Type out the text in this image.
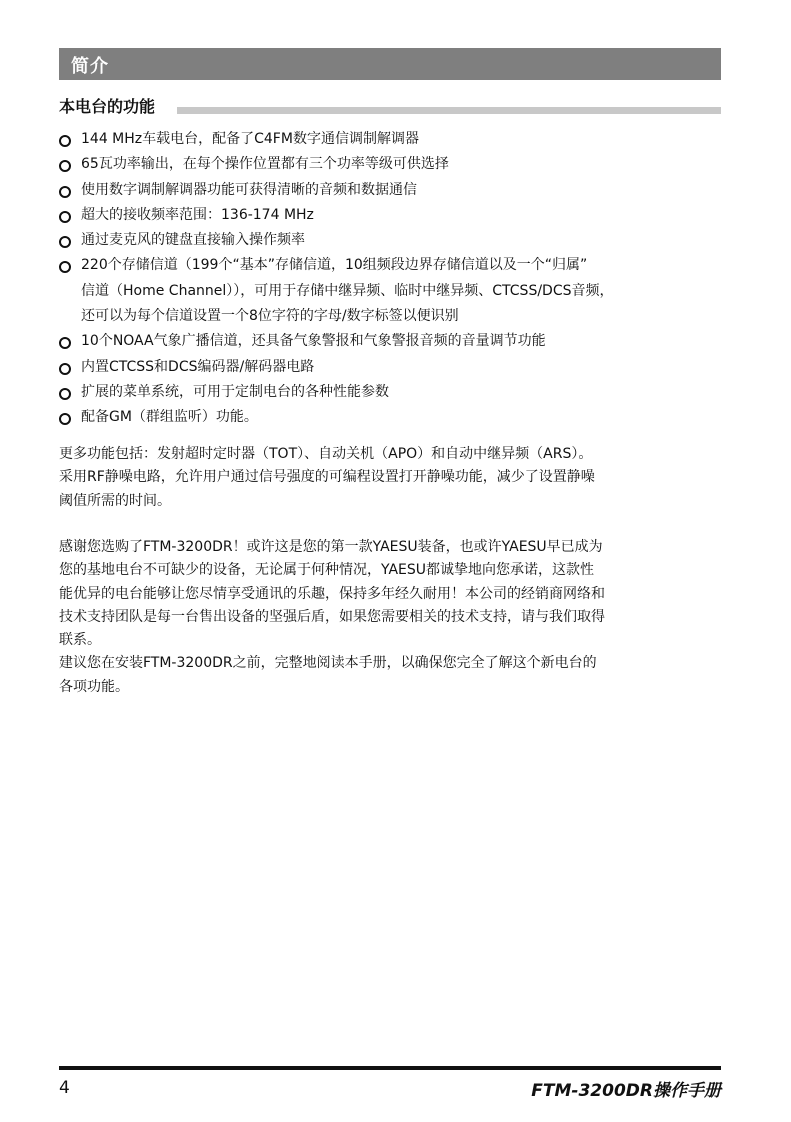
简介
本电台的功能
144 MHz车载电台，配备了C4FM数字通信调制解调器
65瓦功率输出，在每个操作位置都有三个功率等级可供选择
使用数字调制解调器功能可获得清晰的音频和数据通信
超大的接收频率范围：136-174 MHz
通过麦克风的键盘直接输入操作频率
220个存储信道（199个“基本”存储信道，10组频段边界存储信道以及一个“归属”
信道（Home Channel）），可用于存储中继异频、临时中继异频、CTCSS/DCS音频，
还可以为每个信道设置一个8位字符的字母/数字标签以便识别
10个NOAA气象广播信道，还具备气象警报和气象警报音频的音量调节功能
内置CTCSS和DCS编码器/解码器电路
扩展的菜单系统，可用于定制电台的各种性能参数
配备GM（群组监听）功能。
更多功能包括：发射超时定时器（TOT）、自动关机（APO）和自动中继异频（ARS）。
采用RF静噪电路，允许用户通过信号强度的可编程设置打开静噪功能，减少了设置静噪
阈值所需的时间。
感谢您选购了FTM-3200DR！或许这是您的第一款YAESU装备，也或许YAESU早已成为
您的基地电台不可缺少的设备，无论属于何种情况，YAESU都诚挚地向您承诺，这款性
能优异的电台能够让您尽情享受通讯的乐趣，保持多年经久耐用！本公司的经销商网络和
技术支持团队是每一台售出设备的坚强后盾，如果您需要相关的技术支持，请与我们取得
联系。
建议您在安装FTM-3200DR之前，完整地阅读本手册，以确保您完全了解这个新电台的
各项功能。
4	FTM-3200DR操作手册
